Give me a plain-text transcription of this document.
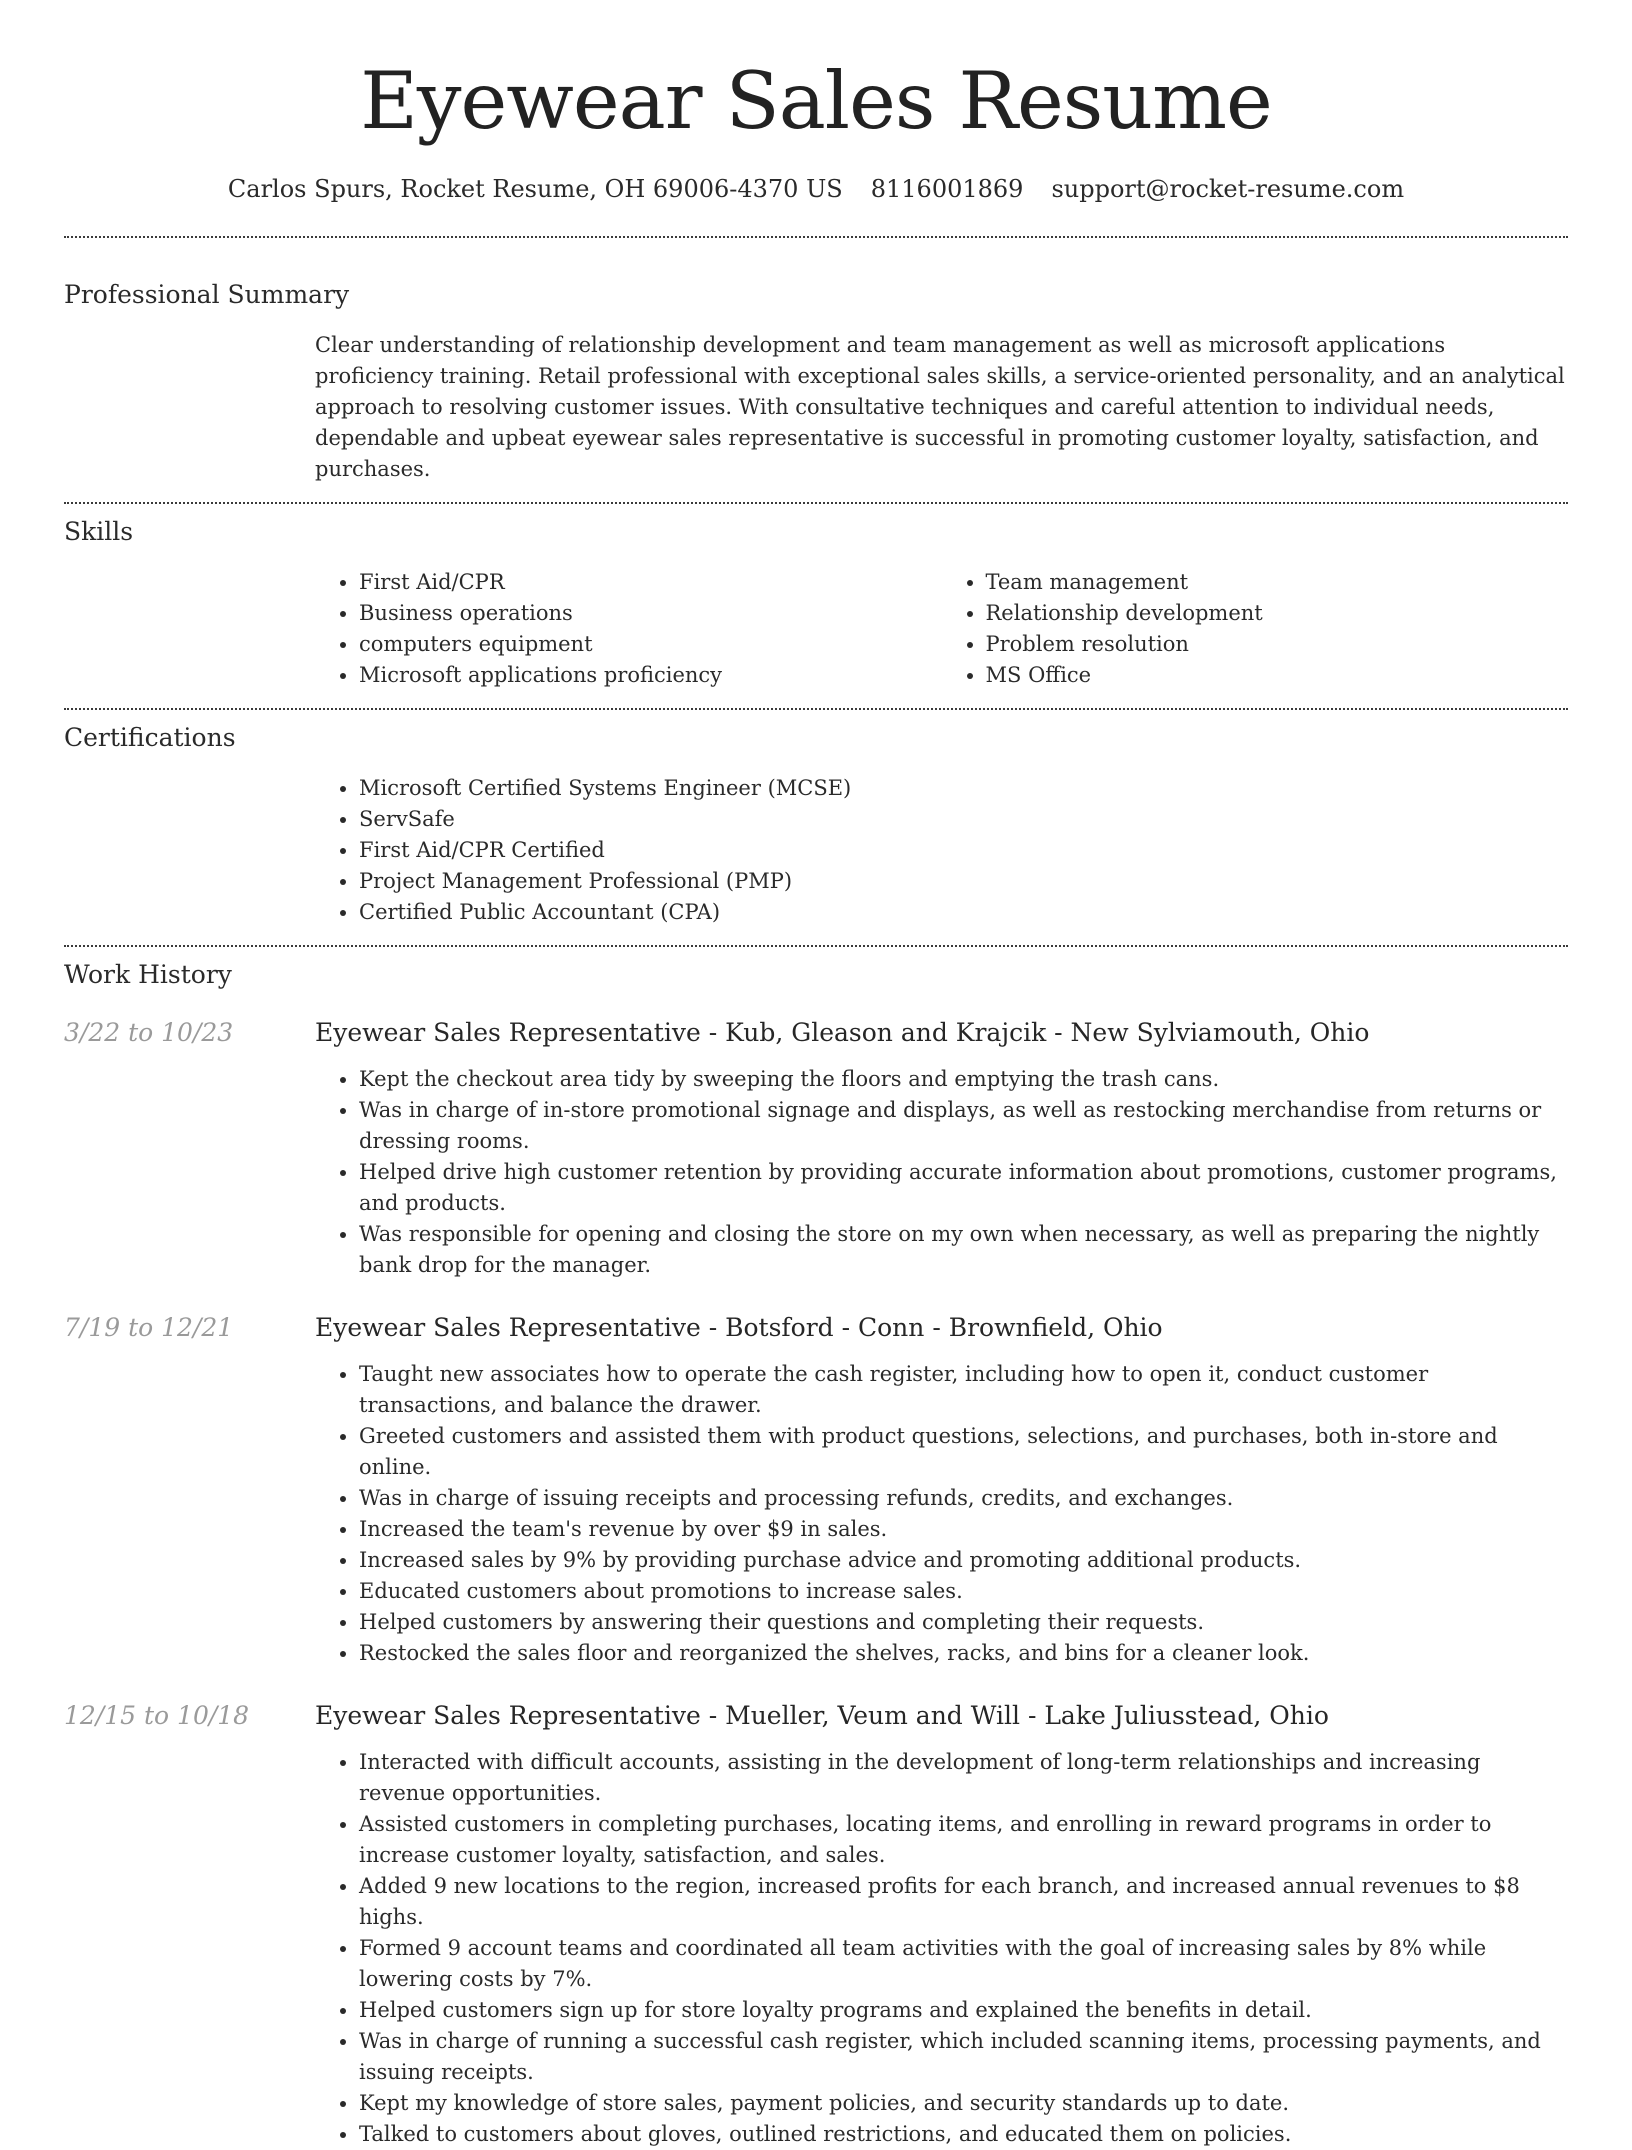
Eyewear Sales Resume
Carlos Spurs, Rocket Resume, OH 69006-4370 US 8116001869 support@rocket-resume.com
Professional Summary

Clear understanding of relationship development and team management as well as microsoft applications proficiency training. Retail professional with exceptional sales skills, a service-oriented personality, and an analytical approach to resolving customer issues. With consultative techniques and careful attention to individual needs, dependable and upbeat eyewear sales representative is successful in promoting customer loyalty, satisfaction, and purchases.

Skills
• First Aid/CPR
• Business operations
• computers equipment
• Microsoft applications proficiency
• Team management
• Relationship development
• Problem resolution
• MS Office
Certifications
• Microsoft Certified Systems Engineer (MCSE)
• ServSafe
• First Aid/CPR Certified
• Project Management Professional (PMP)
• Certified Public Accountant (CPA)
Work History
3/22 to 10/23	Eyewear Sales Representative - Kub, Gleason and Krajcik - New Sylviamouth, Ohio
• Kept the checkout area tidy by sweeping the floors and emptying the trash cans.
• Was in charge of in-store promotional signage and displays, as well as restocking merchandise from returns or dressing rooms.
• Helped drive high customer retention by providing accurate information about promotions, customer programs, and products.
• Was responsible for opening and closing the store on my own when necessary, as well as preparing the nightly bank drop for the manager.
7/19 to 12/21	Eyewear Sales Representative - Botsford - Conn - Brownfield, Ohio
• Taught new associates how to operate the cash register, including how to open it, conduct customer transactions, and balance the drawer.
• Greeted customers and assisted them with product questions, selections, and purchases, both in-store and online.
• Was in charge of issuing receipts and processing refunds, credits, and exchanges.
• Increased the team's revenue by over $9 in sales.
• Increased sales by 9% by providing purchase advice and promoting additional products.
• Educated customers about promotions to increase sales.
• Helped customers by answering their questions and completing their requests.
• Restocked the sales floor and reorganized the shelves, racks, and bins for a cleaner look.
12/15 to 10/18	Eyewear Sales Representative - Mueller, Veum and Will - Lake Juliusstead, Ohio
• Interacted with difficult accounts, assisting in the development of long-term relationships and increasing revenue opportunities.
• Assisted customers in completing purchases, locating items, and enrolling in reward programs in order to increase customer loyalty, satisfaction, and sales.
• Added 9 new locations to the region, increased profits for each branch, and increased annual revenues to $8 highs.
• Formed 9 account teams and coordinated all team activities with the goal of increasing sales by 8% while lowering costs by 7%.
• Helped customers sign up for store loyalty programs and explained the benefits in detail.
• Was in charge of running a successful cash register, which included scanning items, processing payments, and issuing receipts.
• Kept my knowledge of store sales, payment policies, and security standards up to date.
• Talked to customers about gloves, outlined restrictions, and educated them on policies.
